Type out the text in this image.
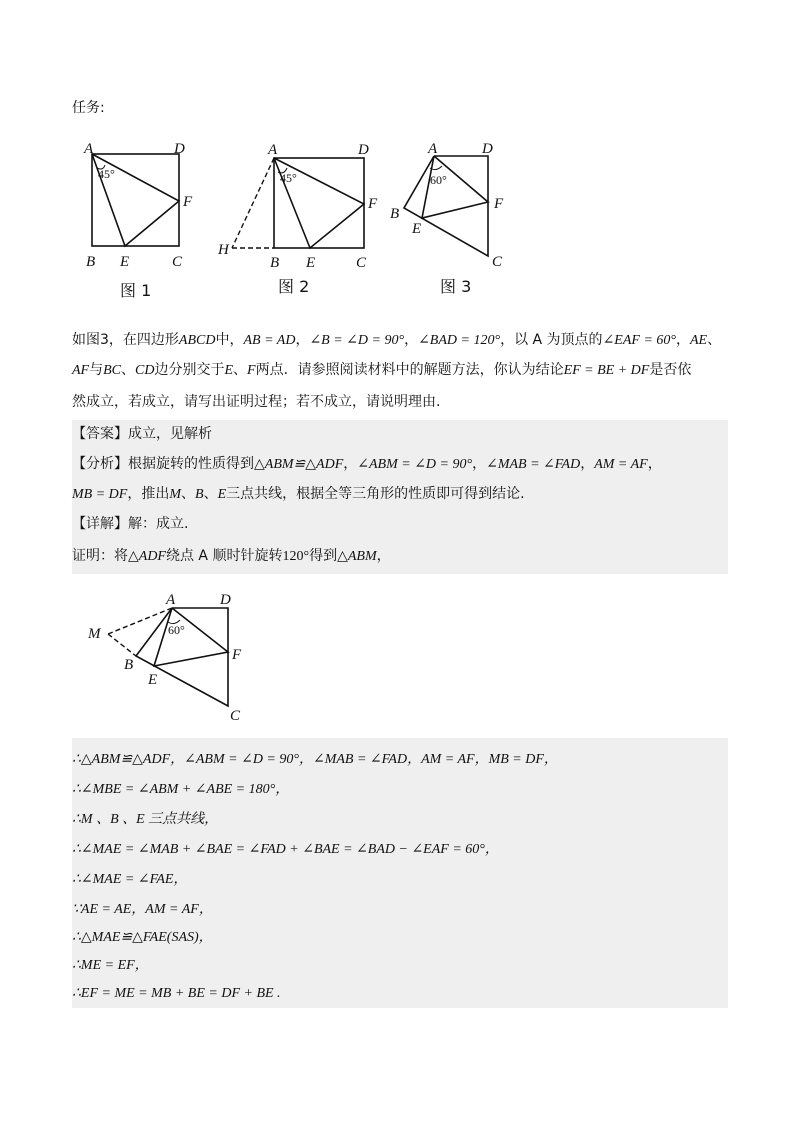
任务:
A	D
F
B E	C
45°
图 1
A	D
F
H
B E	C
45°
图 2
A	D
F
B
E
C
60°
图 3
如图3，在四边形ABCD中，AB = AD，∠B = ∠D = 90°，∠BAD = 120°，以 A 为顶点的∠EAF = 60°，AE、
AF与BC、CD边分别交于E、F两点．请参照阅读材料中的解题方法，你认为结论EF = BE + DF是否依
然成立，若成立，请写出证明过程；若不成立，请说明理由.
【答案】成立，见解析
【分析】根据旋转的性质得到△ABM≌△ADF，∠ABM = ∠D = 90°，∠MAB = ∠FAD，AM = AF，
MB = DF，推出M、B、E三点共线，根据全等三角形的性质即可得到结论.
【详解】解：成立.
证明：将△ADF绕点 A 顺时针旋转120°得到△ABM，
A	D
F
M
B
E
C
60°
∴△ABM≌△ADF，∠ABM = ∠D = 90°，∠MAB = ∠FAD，AM = AF，MB = DF，
∴∠MBE = ∠ABM + ∠ABE = 180°，
∴M 、B 、E 三点共线，
∴∠MAE = ∠MAB + ∠BAE = ∠FAD + ∠BAE = ∠BAD − ∠EAF = 60°，
∴∠MAE = ∠FAE，
∵AE = AE，AM = AF，
∴△MAE≌△FAE(SAS)，
∴ME = EF，
∴EF = ME = MB + BE = DF + BE .
